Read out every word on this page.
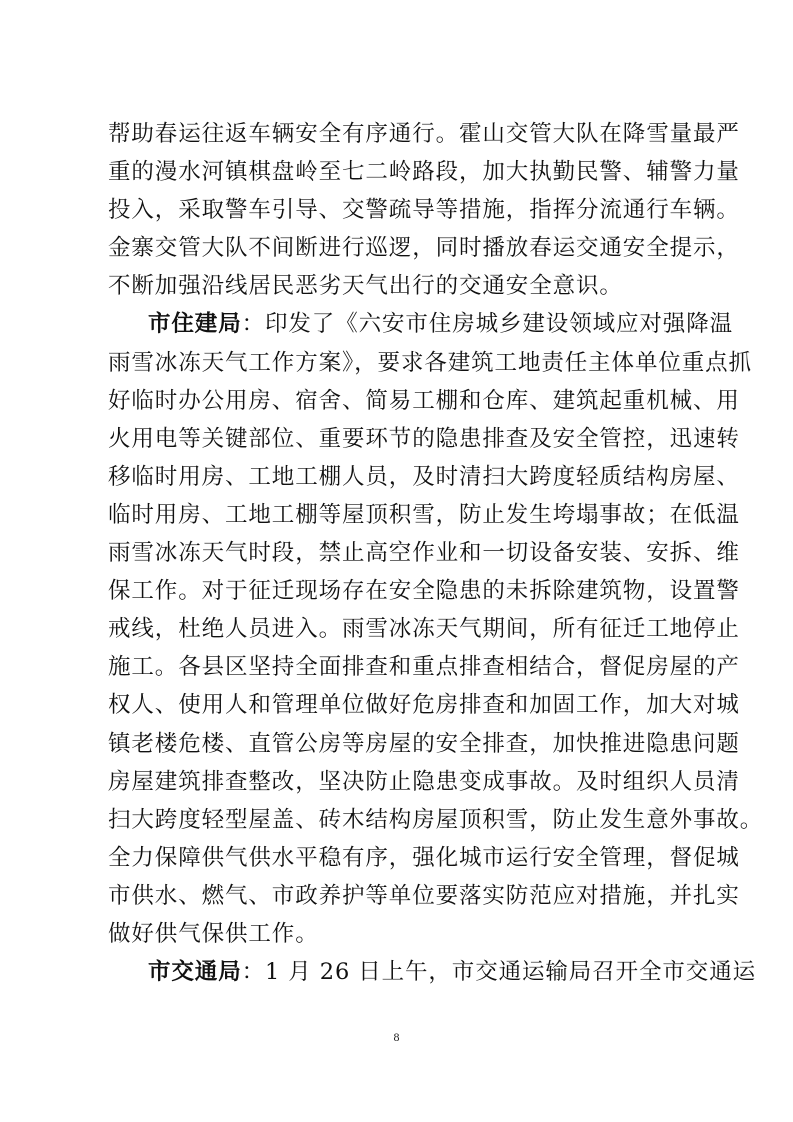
帮助春运往返车辆安全有序通行。霍山交管大队在降雪量最严
重的漫水河镇棋盘岭至七二岭路段，加大执勤民警、辅警力量
投入，采取警车引导、交警疏导等措施，指挥分流通行车辆。
金寨交管大队不间断进行巡逻，同时播放春运交通安全提示，
不断加强沿线居民恶劣天气出行的交通安全意识。
市住建局：印发了《六安市住房城乡建设领域应对强降温
雨雪冰冻天气工作方案》，要求各建筑工地责任主体单位重点抓
好临时办公用房、宿舍、简易工棚和仓库、建筑起重机械、用
火用电等关键部位、重要环节的隐患排查及安全管控，迅速转
移临时用房、工地工棚人员，及时清扫大跨度轻质结构房屋、
临时用房、工地工棚等屋顶积雪，防止发生垮塌事故；在低温
雨雪冰冻天气时段，禁止高空作业和一切设备安装、安拆、维
保工作。对于征迁现场存在安全隐患的未拆除建筑物，设置警
戒线，杜绝人员进入。雨雪冰冻天气期间，所有征迁工地停止
施工。各县区坚持全面排查和重点排查相结合，督促房屋的产
权人、使用人和管理单位做好危房排查和加固工作，加大对城
镇老楼危楼、直管公房等房屋的安全排查，加快推进隐患问题
房屋建筑排查整改，坚决防止隐患变成事故。及时组织人员清
扫大跨度轻型屋盖、砖木结构房屋顶积雪，防止发生意外事故。
全力保障供气供水平稳有序，强化城市运行安全管理，督促城
市供水、燃气、市政养护等单位要落实防范应对措施，并扎实
做好供气保供工作。
市交通局：1 月 26 日上午，市交通运输局召开全市交通运
8
